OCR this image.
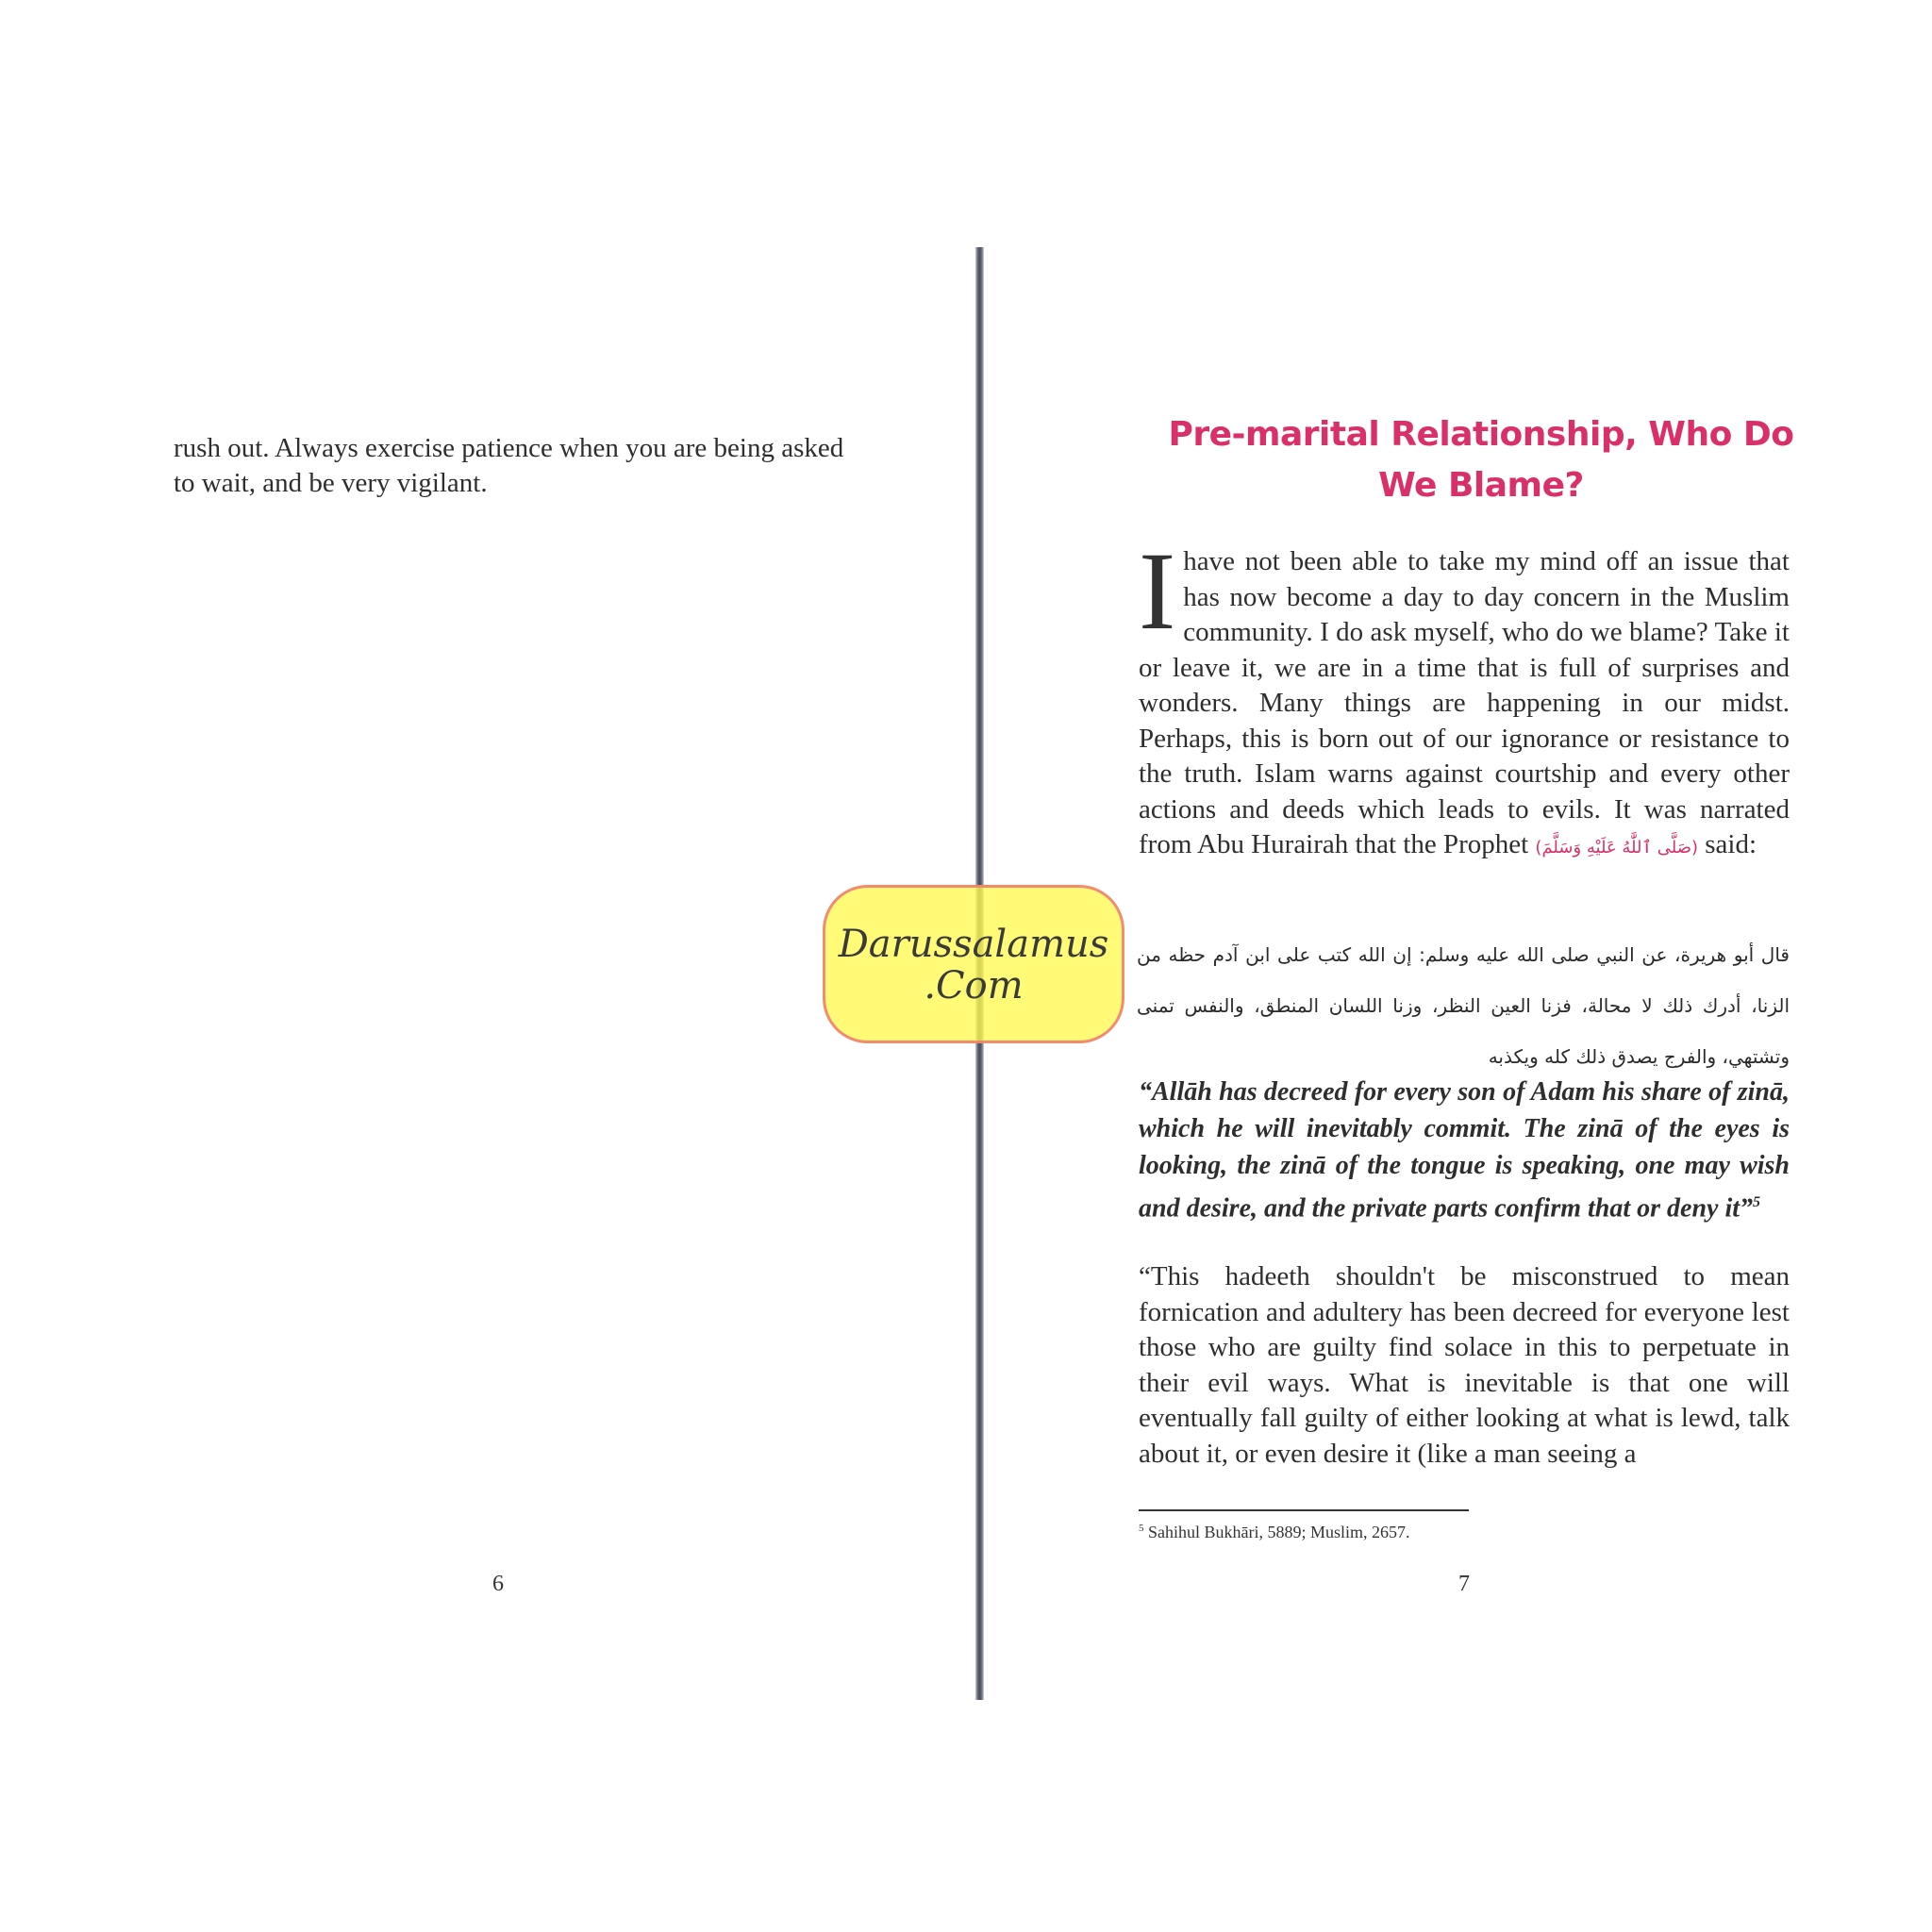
rush out. Always exercise patience when you are being asked to wait, and be very vigilant.

6
Pre-marital Relationship, Who Do
We Blame?

I have not been able to take my mind off an issue that has now become a day to day concern in the Muslim community. I do ask myself, who do we blame? Take it or leave it, we are in a time that is full of surprises and wonders. Many things are happening in our midst. Perhaps, this is born out of our ignorance or resistance to the truth. Islam warns against courtship and every other actions and deeds which leads to evils. It was narrated from Abu Hurairah that the Prophet (صَلَّى ٱللَّٰهُ عَلَيْهِ وَسَلَّمَ) said:

قال أبو هريرة، عن النبي صلى الله عليه وسلم: إن الله كتب على ابن آدم حظه من الزنا، أدرك ذلك لا محالة، فزنا العين النظر، وزنا اللسان المنطق، والنفس تمنى وتشتهي، والفرج يصدق ذلك كله ويكذبه

“Allāh has decreed for every son of Adam his share of zinā, which he will inevitably commit. The zinā of the eyes is looking, the zinā of the tongue is speaking, one may wish and desire, and the private parts confirm that or deny it”$^5$

“This hadeeth shouldn't be misconstrued to mean fornication and adultery has been decreed for everyone lest those who are guilty find solace in this to perpetuate in their evil ways. What is inevitable is that one will eventually fall guilty of either looking at what is lewd, talk about it, or even desire it (like a man seeing a

$^5$ Sahihul Bukhāri, 5889; Muslim, 2657.
7
Darussalamus
.Com
